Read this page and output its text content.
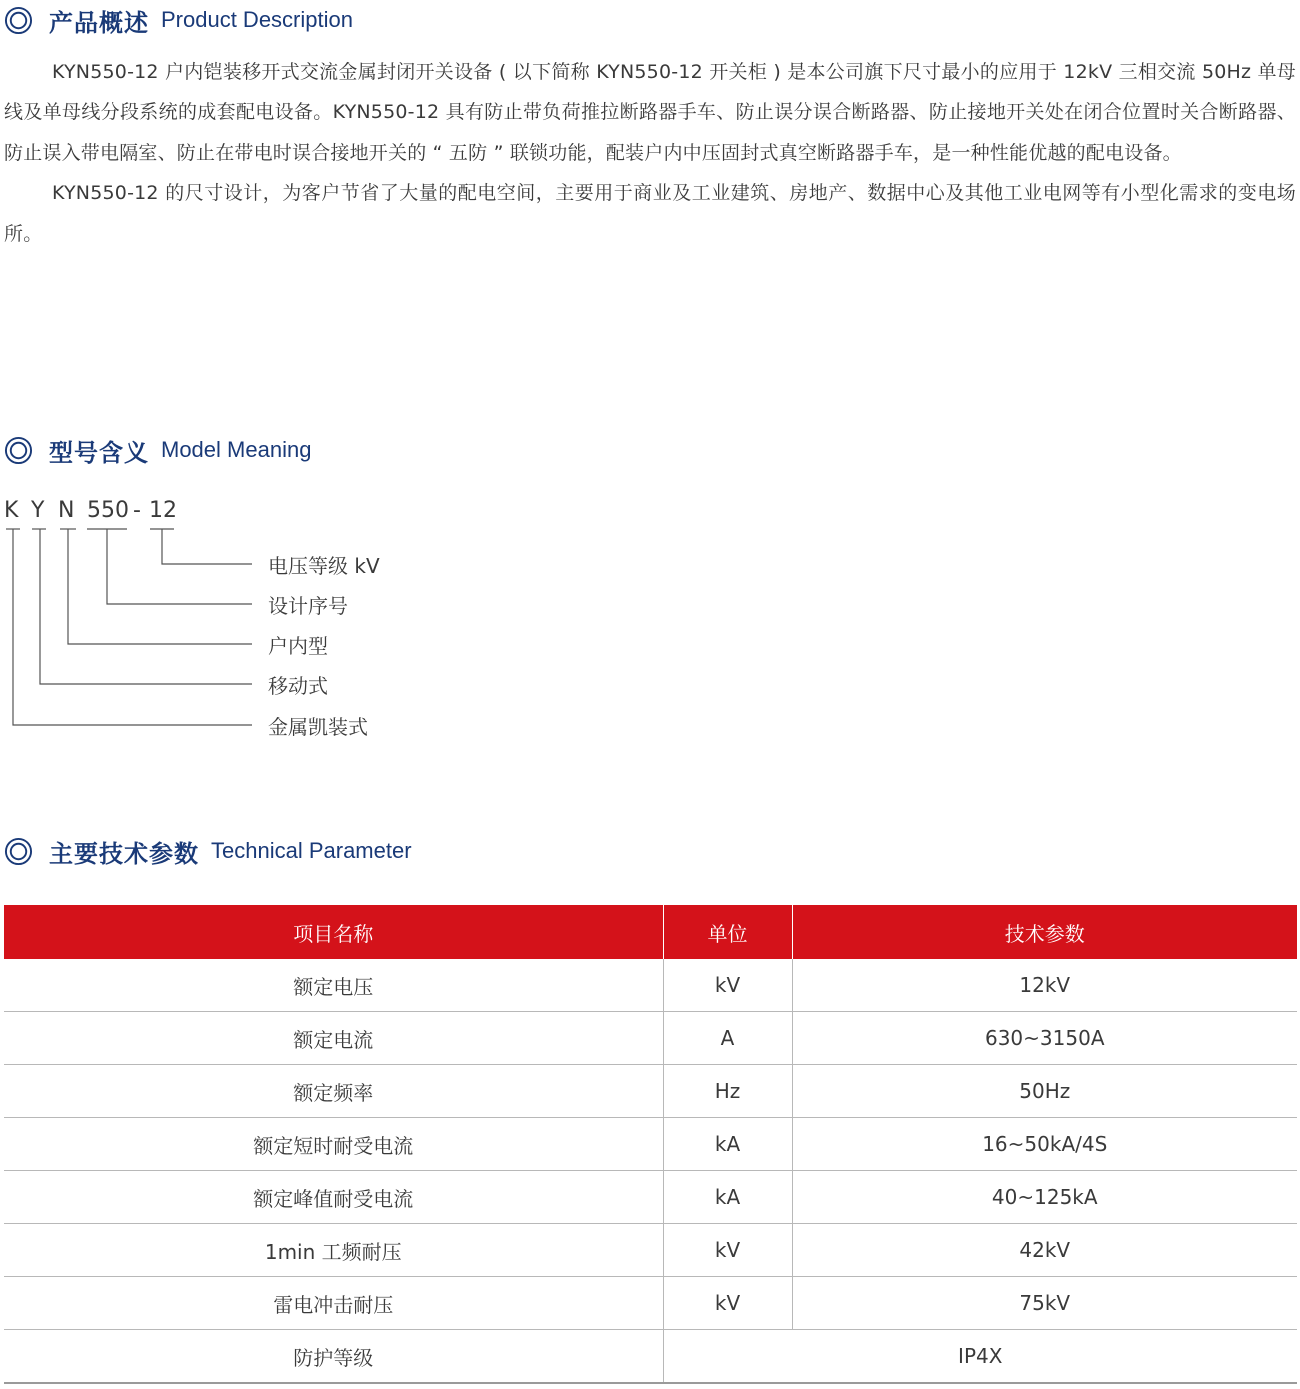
产品概述 Product Description

KYN550-12 户内铠装移开式交流金属封闭开关设备 ( 以下简称 KYN550-12 开关柜 ) 是本公司旗下尺寸最小的应用于 12kV 三相交流 50Hz 单母线及单母线分段系统的成套配电设备。KYN550-12 具有防止带负荷推拉断路器手车、防止误分误合断路器、防止接地开关处在闭合位置时关合断路器、防止误入带电隔室、防止在带电时误合接地开关的 “ 五防 ” 联锁功能，配装户内中压固封式真空断路器手车，是一种性能优越的配电设备。

KYN550-12 的尺寸设计，为客户节省了大量的配电空间，主要用于商业及工业建筑、房地产、数据中心及其他工业电网等有小型化需求的变电场所。

型号含义 Model Meaning
K Y N 550 - 12
电压等级 kV
设计序号
户内型
移动式
金属凯装式
主要技术参数 Technical Parameter
项目名称	单位	技术参数
额定电压	kV	12kV
额定电流	A	630~3150A
额定频率	Hz	50Hz
额定短时耐受电流	kA	16~50kA/4S
额定峰值耐受电流	kA	40~125kA
1min 工频耐压	kV	42kV
雷电冲击耐压	kV	75kV
防护等级	IP4X	
